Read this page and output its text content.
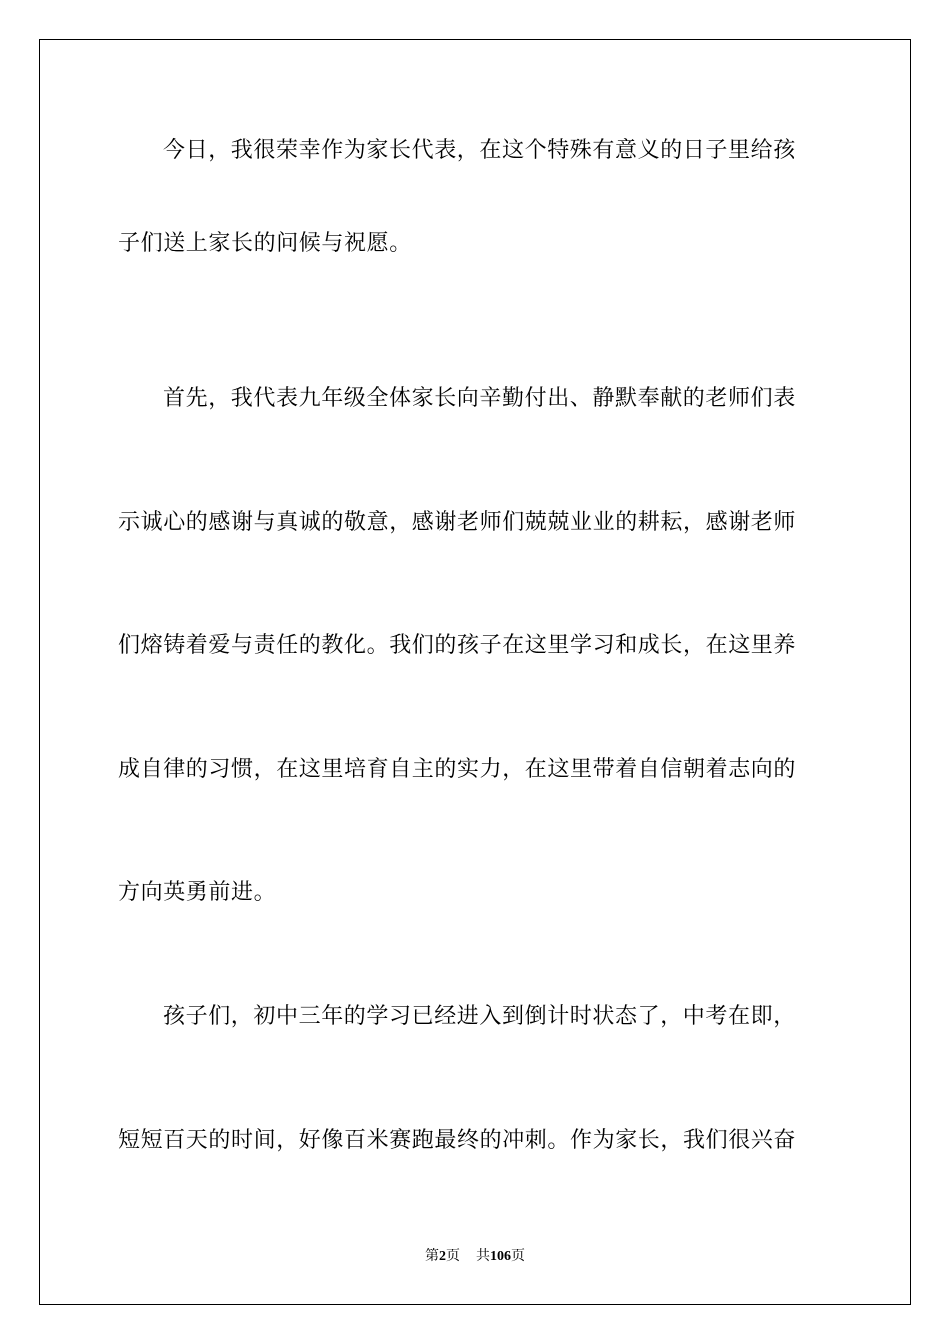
今日，我很荣幸作为家长代表，在这个特殊有意义的日子里给孩
子们送上家长的问候与祝愿。
首先，我代表九年级全体家长向辛勤付出、静默奉献的老师们表
示诚心的感谢与真诚的敬意，感谢老师们兢兢业业的耕耘，感谢老师
们熔铸着爱与责任的教化。我们的孩子在这里学习和成长，在这里养
成自律的习惯，在这里培育自主的实力，在这里带着自信朝着志向的
方向英勇前进。
孩子们，初中三年的学习已经进入到倒计时状态了，中考在即，
短短百天的时间，好像百米赛跑最终的冲刺。作为家长，我们很兴奋
第2页 共106页
